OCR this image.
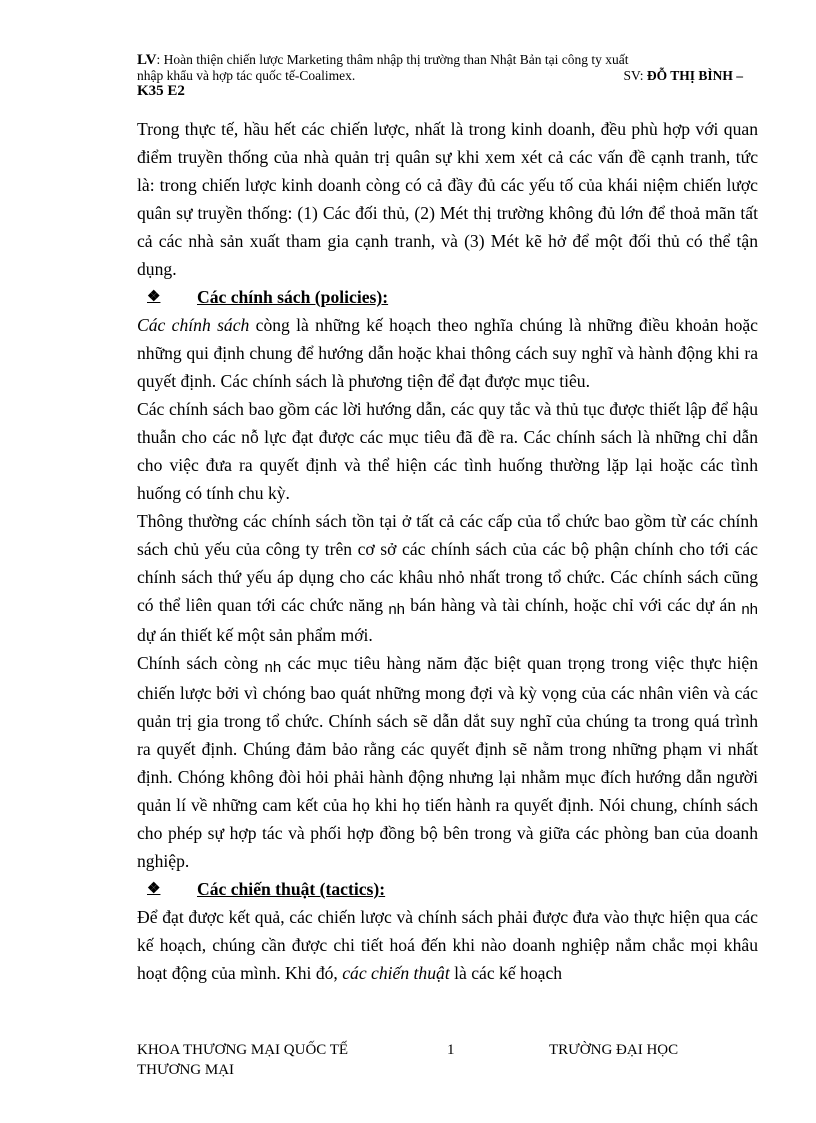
LV: Hoàn thiện chiến lược Marketing thâm nhập thị trường than Nhật Bản tại công ty xuất
nhập khẩu và hợp tác quốc tế-Coalimex.	SV: ĐỖ THỊ BÌNH –
K35 E2

Trong thực tế, hầu hết các chiến lược, nhất là trong kinh doanh, đều phù hợp với quan điểm truyền thống của nhà quản trị quân sự khi xem xét cả các vấn đề cạnh tranh, tức là: trong chiến lược kinh doanh còng có cả đầy đủ các yếu tố của khái niệm chiến lược quân sự truyền thống: (1) Các đối thủ, (2) Mét thị trường không đủ lớn để thoả mãn tất cả các nhà sản xuất tham gia cạnh tranh, và (3) Mét kẽ hở để một đối thủ có thể tận dụng.

❖	Các chính sách (policies):

Các chính sách còng là những kế hoạch theo nghĩa chúng là những điều khoản hoặc những qui định chung để hướng dẫn hoặc khai thông cách suy nghĩ và hành động khi ra quyết định. Các chính sách là phương tiện để đạt được mục tiêu.

Các chính sách bao gồm các lời hướng dẫn, các quy tắc và thủ tục được thiết lập để hậu thuẫn cho các nỗ lực đạt được các mục tiêu đã đề ra. Các chính sách là những chỉ dẫn cho việc đưa ra quyết định và thể hiện các tình huống thường lặp lại hoặc các tình huống có tính chu kỳ.

Thông thường các chính sách tồn tại ở tất cả các cấp của tổ chức bao gồm từ các chính sách chủ yếu của công ty trên cơ sở các chính sách của các bộ phận chính cho tới các chính sách thứ yếu áp dụng cho các khâu nhỏ nhất trong tổ chức. Các chính sách cũng có thể liên quan tới các chức năng nh bán hàng và tài chính, hoặc chỉ với các dự án nh dự án thiết kế một sản phẩm mới.

Chính sách còng nh các mục tiêu hàng năm đặc biệt quan trọng trong việc thực hiện chiến lược bởi vì chóng bao quát những mong đợi và kỳ vọng của các nhân viên và các quản trị gia trong tổ chức. Chính sách sẽ dẫn dắt suy nghĩ của chúng ta trong quá trình ra quyết định. Chúng đảm bảo rằng các quyết định sẽ nằm trong những phạm vi nhất định. Chóng không đòi hỏi phải hành động nhưng lại nhằm mục đích hướng dẫn người quản lí về những cam kết của họ khi họ tiến hành ra quyết định. Nói chung, chính sách cho phép sự hợp tác và phối hợp đồng bộ bên trong và giữa các phòng ban của doanh nghiệp.

❖	Các chiến thuật (tactics):

Để đạt được kết quả, các chiến lược và chính sách phải được đưa vào thực hiện qua các kế hoạch, chúng cần được chi tiết hoá đến khi nào doanh nghiệp nắm chắc mọi khâu hoạt động của mình. Khi đó, các chiến thuật là các kế hoạch

KHOA THƯƠNG MẠI QUỐC TẾ
THƯƠNG MẠI
1	TRƯỜNG ĐẠI HỌC
